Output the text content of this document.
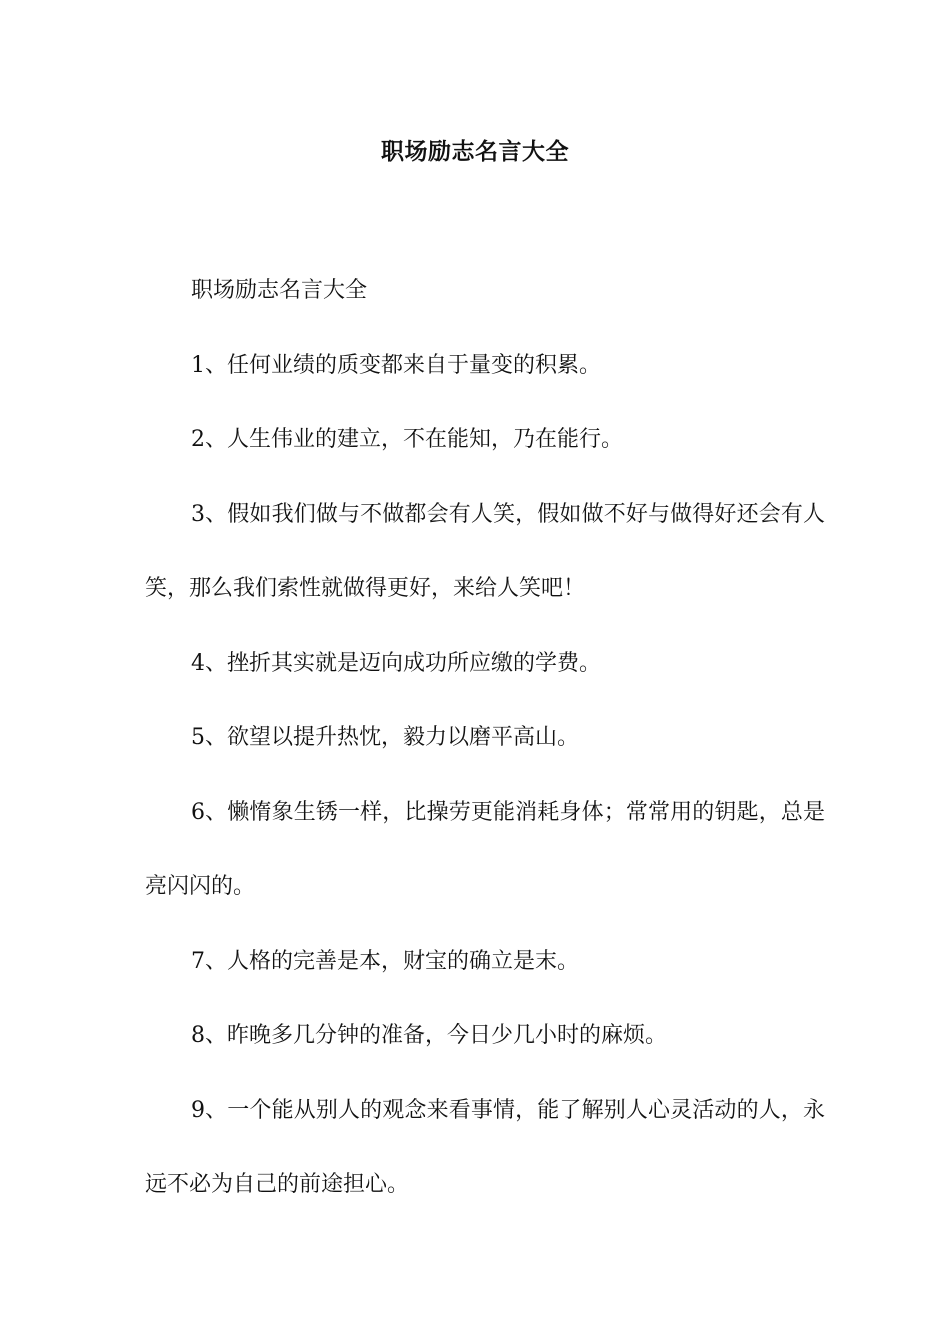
职场励志名言大全

职场励志名言大全

1、任何业绩的质变都来自于量变的积累。

2、人生伟业的建立，不在能知，乃在能行。

3、假如我们做与不做都会有人笑，假如做不好与做得好还会有人笑，那么我们索性就做得更好，来给人笑吧！

4、挫折其实就是迈向成功所应缴的学费。

5、欲望以提升热忱，毅力以磨平高山。

6、懒惰象生锈一样，比操劳更能消耗身体；常常用的钥匙，总是亮闪闪的。

7、人格的完善是本，财宝的确立是末。

8、昨晚多几分钟的准备，今日少几小时的麻烦。

9、一个能从别人的观念来看事情，能了解别人心灵活动的人，永远不必为自己的前途担心。
